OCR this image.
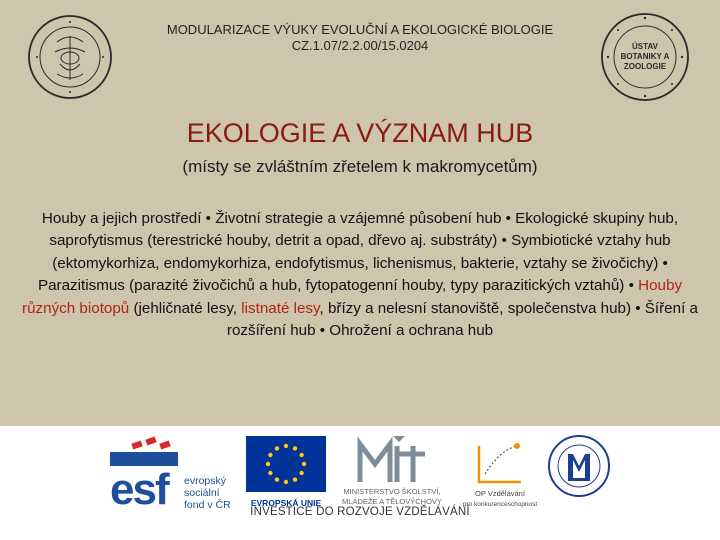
MODULARIZACE VÝUKY EVOLUČNÍ A EKOLOGICKÉ BIOLOGIE
CZ.1.07/2.2.00/15.0204	ÚSTAV
BOTANIKY A
ZOOLOGIE
EKOLOGIE A VÝZNAM HUB
(místy se zvláštním zřetelem k makromycetům)
Houby a jejich prostředí • Životní strategie a vzájemné působení hub • Ekologické skupiny hub, saprofytismus (terestrické houby, detrit a opad, dřevo aj. substráty) • Symbiotické vztahy hub (ektomykorhiza, endomykorhiza, endofytismus, lichenismus, bakterie, vztahy se živočichy) • Parazitismus (parazité živočichů a hub, fytopatogenní houby, typy parazitických vztahů) • Houby různých biotopů (jehličnaté lesy, listnaté lesy, břízy a nelesní stanoviště, společenstva hub) • Šíření a rozšíření hub • Ohrožení a ochrana hub
esf evropský
sociální
fond v ČR EVROPSKÁ UNIE
MINISTERSTVO ŠKOLSTVÍ,
MLÁDEŽE A TĚLOVÝCHOVY
OP Vzdělávání
pro konkurenceschopnost
INVESTICE DO ROZVOJE VZDĚLÁVÁNÍ
